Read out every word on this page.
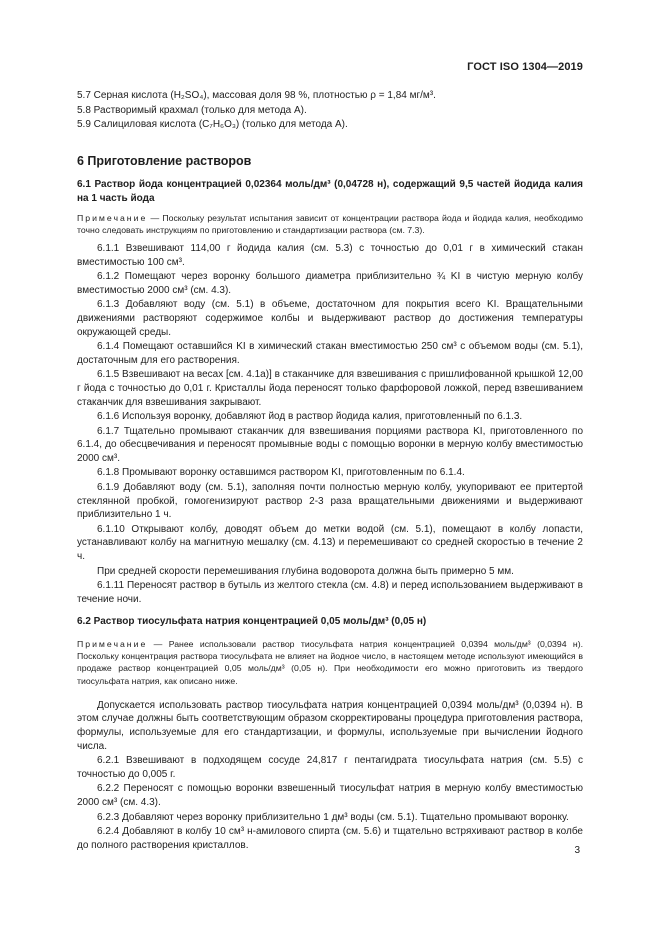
ГОСТ ISO 1304—2019

5.7 Серная кислота (H₂SO₄), массовая доля 98 %, плотностью ρ = 1,84 мг/м³.

5.8 Растворимый крахмал (только для метода А).

5.9 Салициловая кислота (C₇H₆O₃) (только для метода А).

6 Приготовление растворов

6.1 Раствор йода концентрацией 0,02364 моль/дм³ (0,04728 н), содержащий 9,5 частей йодида калия на 1 часть йода

Примечание — Поскольку результат испытания зависит от концентрации раствора йода и йодида калия, необходимо точно следовать инструкциям по приготовлению и стандартизации раствора (см. 7.3).

6.1.1 Взвешивают 114,00 г йодида калия (см. 5.3) с точностью до 0,01 г в химический стакан вместимостью 100 см³.

6.1.2 Помещают через воронку большого диаметра приблизительно ¾ KI в чистую мерную колбу вместимостью 2000 см³ (см. 4.3).

6.1.3 Добавляют воду (см. 5.1) в объеме, достаточном для покрытия всего KI. Вращательными движениями растворяют содержимое колбы и выдерживают раствор до достижения температуры окружающей среды.

6.1.4 Помещают оставшийся KI в химический стакан вместимостью 250 см³ с объемом воды (см. 5.1), достаточным для его растворения.

6.1.5 Взвешивают на весах [см. 4.1а)] в стаканчике для взвешивания с пришлифованной крышкой 12,00 г йода с точностью до 0,01 г. Кристаллы йода переносят только фарфоровой ложкой, перед взвешиванием стаканчик для взвешивания закрывают.

6.1.6 Используя воронку, добавляют йод в раствор йодида калия, приготовленный по 6.1.3.

6.1.7 Тщательно промывают стаканчик для взвешивания порциями раствора KI, приготовленного по 6.1.4, до обесцвечивания и переносят промывные воды с помощью воронки в мерную колбу вместимостью 2000 см³.

6.1.8 Промывают воронку оставшимся раствором KI, приготовленным по 6.1.4.

6.1.9 Добавляют воду (см. 5.1), заполняя почти полностью мерную колбу, укупоривают ее притертой стеклянной пробкой, гомогенизируют раствор 2-3 раза вращательными движениями и выдерживают приблизительно 1 ч.

6.1.10 Открывают колбу, доводят объем до метки водой (см. 5.1), помещают в колбу лопасти, устанавливают колбу на магнитную мешалку (см. 4.13) и перемешивают со средней скоростью в течение 2 ч.

При средней скорости перемешивания глубина водоворота должна быть примерно 5 мм.

6.1.11 Переносят раствор в бутыль из желтого стекла (см. 4.8) и перед использованием выдерживают в течение ночи.

6.2 Раствор тиосульфата натрия концентрацией 0,05 моль/дм³ (0,05 н)

Примечание — Ранее использовали раствор тиосульфата натрия концентрацией 0,0394 моль/дм³ (0,0394 н). Поскольку концентрация раствора тиосульфата не влияет на йодное число, в настоящем методе используют имеющийся в продаже раствор концентрацией 0,05 моль/дм³ (0,05 н). При необходимости его можно приготовить из твердого тиосульфата натрия, как описано ниже.

Допускается использовать раствор тиосульфата натрия концентрацией 0,0394 моль/дм³ (0,0394 н). В этом случае должны быть соответствующим образом скорректированы процедура приготовления раствора, формулы, используемые для его стандартизации, и формулы, используемые при вычислении йодного числа.

6.2.1 Взвешивают в подходящем сосуде 24,817 г пентагидрата тиосульфата натрия (см. 5.5) с точностью до 0,005 г.

6.2.2 Переносят с помощью воронки взвешенный тиосульфат натрия в мерную колбу вместимостью 2000 см³ (см. 4.3).

6.2.3 Добавляют через воронку приблизительно 1 дм³ воды (см. 5.1). Тщательно промывают воронку.

6.2.4 Добавляют в колбу 10 см³ н-амилового спирта (см. 5.6) и тщательно встряхивают раствор в колбе до полного растворения кристаллов.	3
